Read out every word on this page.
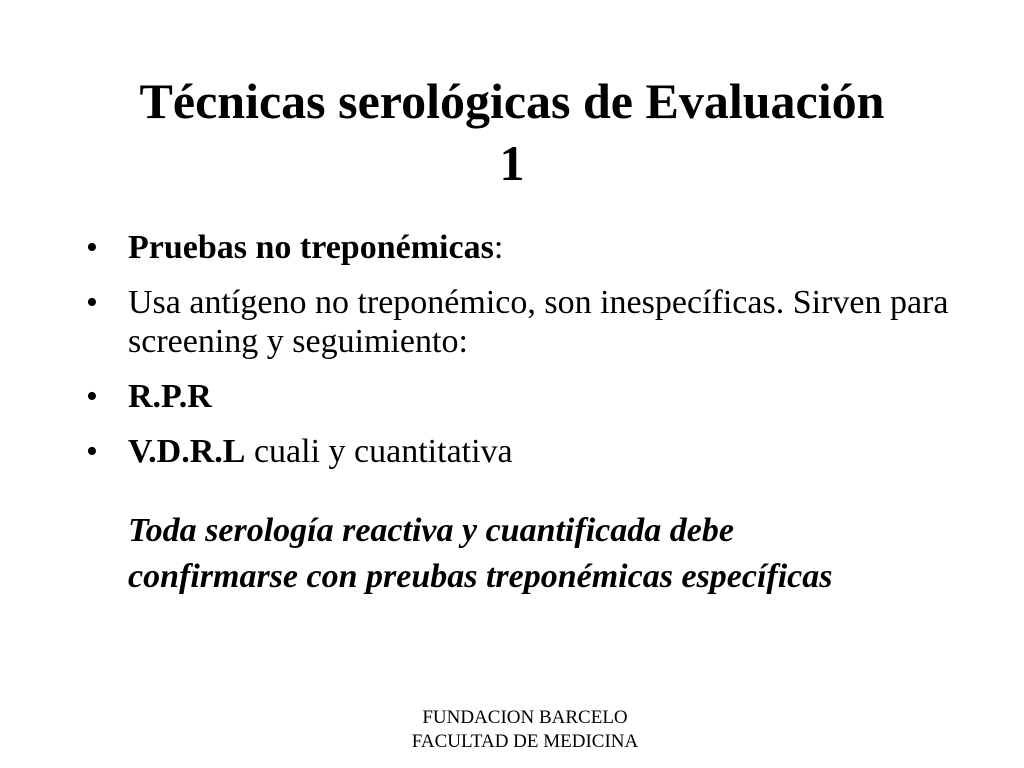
Técnicas serológicas de Evaluación
1
• Pruebas no treponémicas:
• Usa antígeno no treponémico, son inespecíficas. Sirven para screening y seguimiento:
• R.P.R
• V.D.R.L cuali y cuantitativa

Toda serología reactiva y cuantificada debe confirmarse con preubas treponémicas específicas

FUNDACION BARCELO
FACULTAD DE MEDICINA
